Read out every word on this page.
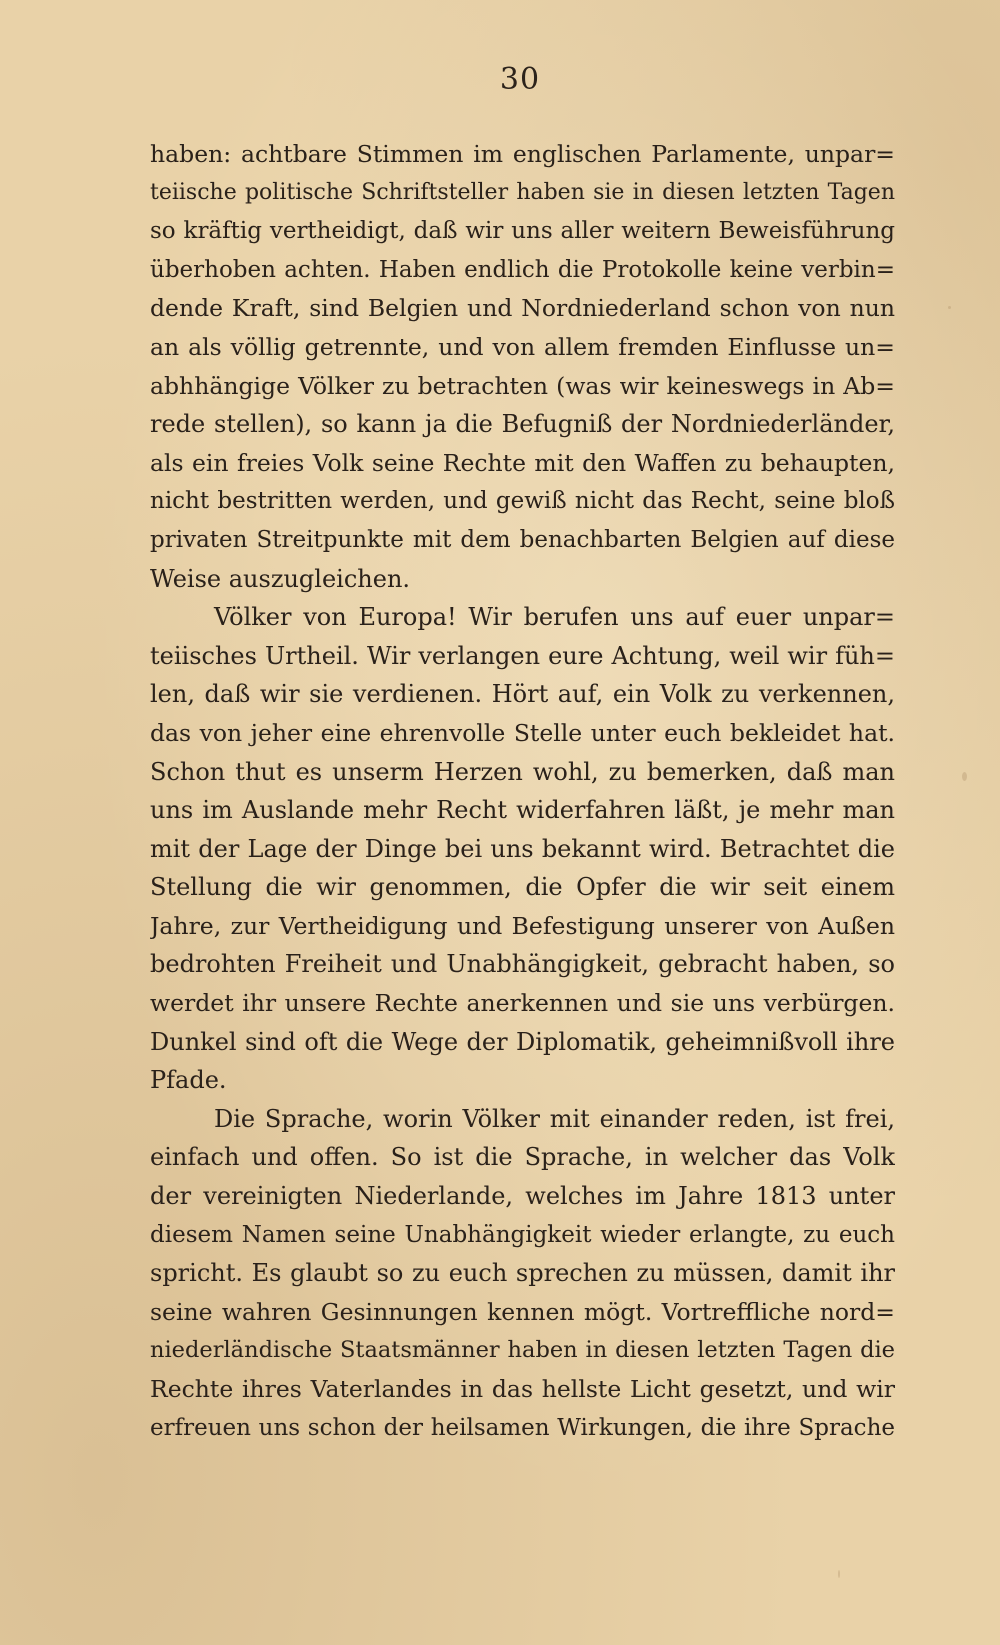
30
haben: achtbare Stimmen im englischen Parlamente, unpar=
teiische politische Schriftsteller haben sie in diesen letzten Tagen
so kräftig vertheidigt, daß wir uns aller weitern Beweisführung
überhoben achten. Haben endlich die Protokolle keine verbin=
dende Kraft, sind Belgien und Nordniederland schon von nun
an als völlig getrennte, und von allem fremden Einflusse un=
abhhängige Völker zu betrachten (was wir keineswegs in Ab=
rede stellen), so kann ja die Befugniß der Nordniederländer,
als ein freies Volk seine Rechte mit den Waffen zu behaupten,
nicht bestritten werden, und gewiß nicht das Recht, seine bloß
privaten Streitpunkte mit dem benachbarten Belgien auf diese
Weise auszugleichen.
Völker von Europa! Wir berufen uns auf euer unpar=
teiisches Urtheil. Wir verlangen eure Achtung, weil wir füh=
len, daß wir sie verdienen. Hört auf, ein Volk zu verkennen,
das von jeher eine ehrenvolle Stelle unter euch bekleidet hat.
Schon thut es unserm Herzen wohl, zu bemerken, daß man
uns im Auslande mehr Recht widerfahren läßt, je mehr man
mit der Lage der Dinge bei uns bekannt wird. Betrachtet die
Stellung die wir genommen, die Opfer die wir seit einem
Jahre, zur Vertheidigung und Befestigung unserer von Außen
bedrohten Freiheit und Unabhängigkeit, gebracht haben, so
werdet ihr unsere Rechte anerkennen und sie uns verbürgen.
Dunkel sind oft die Wege der Diplomatik, geheimnißvoll ihre
Pfade.
Die Sprache, worin Völker mit einander reden, ist frei,
einfach und offen. So ist die Sprache, in welcher das Volk
der vereinigten Niederlande, welches im Jahre 1813 unter
diesem Namen seine Unabhängigkeit wieder erlangte, zu euch
spricht. Es glaubt so zu euch sprechen zu müssen, damit ihr
seine wahren Gesinnungen kennen mögt. Vortreffliche nord=
niederländische Staatsmänner haben in diesen letzten Tagen die
Rechte ihres Vaterlandes in das hellste Licht gesetzt, und wir
erfreuen uns schon der heilsamen Wirkungen, die ihre Sprache
